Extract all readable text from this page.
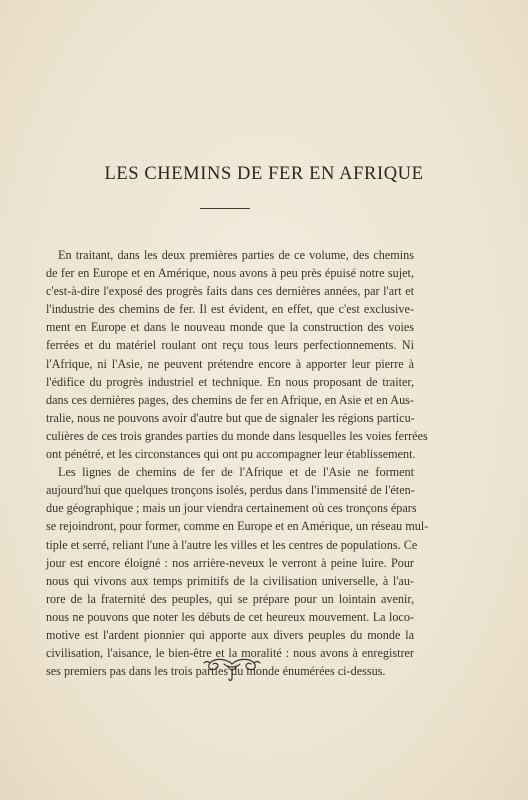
LES CHEMINS DE FER EN AFRIQUE
En traitant, dans les deux premières parties de ce volume, des chemins
de fer en Europe et en Amérique, nous avons à peu près épuisé notre sujet,
c'est-à-dire l'exposé des progrès faits dans ces dernières années, par l'art et
l'industrie des chemins de fer. Il est évident, en effet, que c'est exclusive-
ment en Europe et dans le nouveau monde que la construction des voies
ferrées et du matériel roulant ont reçu tous leurs perfectionnements. Ni
l'Afrique, ni l'Asie, ne peuvent prétendre encore à apporter leur pierre à
l'édifice du progrès industriel et technique. En nous proposant de traiter,
dans ces dernières pages, des chemins de fer en Afrique, en Asie et en Aus-
tralie, nous ne pouvons avoir d'autre but que de signaler les régions particu-
culières de ces trois grandes parties du monde dans lesquelles les voies ferrées
ont pénétré, et les circonstances qui ont pu accompagner leur établissement.
Les lignes de chemins de fer de l'Afrique et de l'Asie ne forment
aujourd'hui que quelques tronçons isolés, perdus dans l'immensité de l'éten-
due géographique ; mais un jour viendra certainement où ces tronçons épars
se rejoindront, pour former, comme en Europe et en Amérique, un réseau mul-
tiple et serré, reliant l'une à l'autre les villes et les centres de populations. Ce
jour est encore éloigné : nos arrière-neveux le verront à peine luire. Pour
nous qui vivons aux temps primitifs de la civilisation universelle, à l'au-
rore de la fraternité des peuples, qui se prépare pour un lointain avenir,
nous ne pouvons que noter les débuts de cet heureux mouvement. La loco-
motive est l'ardent pionnier qui apporte aux divers peuples du monde la
civilisation, l'aisance, le bien-être et la moralité : nous avons à enregistrer
ses premiers pas dans les trois parties du monde énumérées ci-dessus.
